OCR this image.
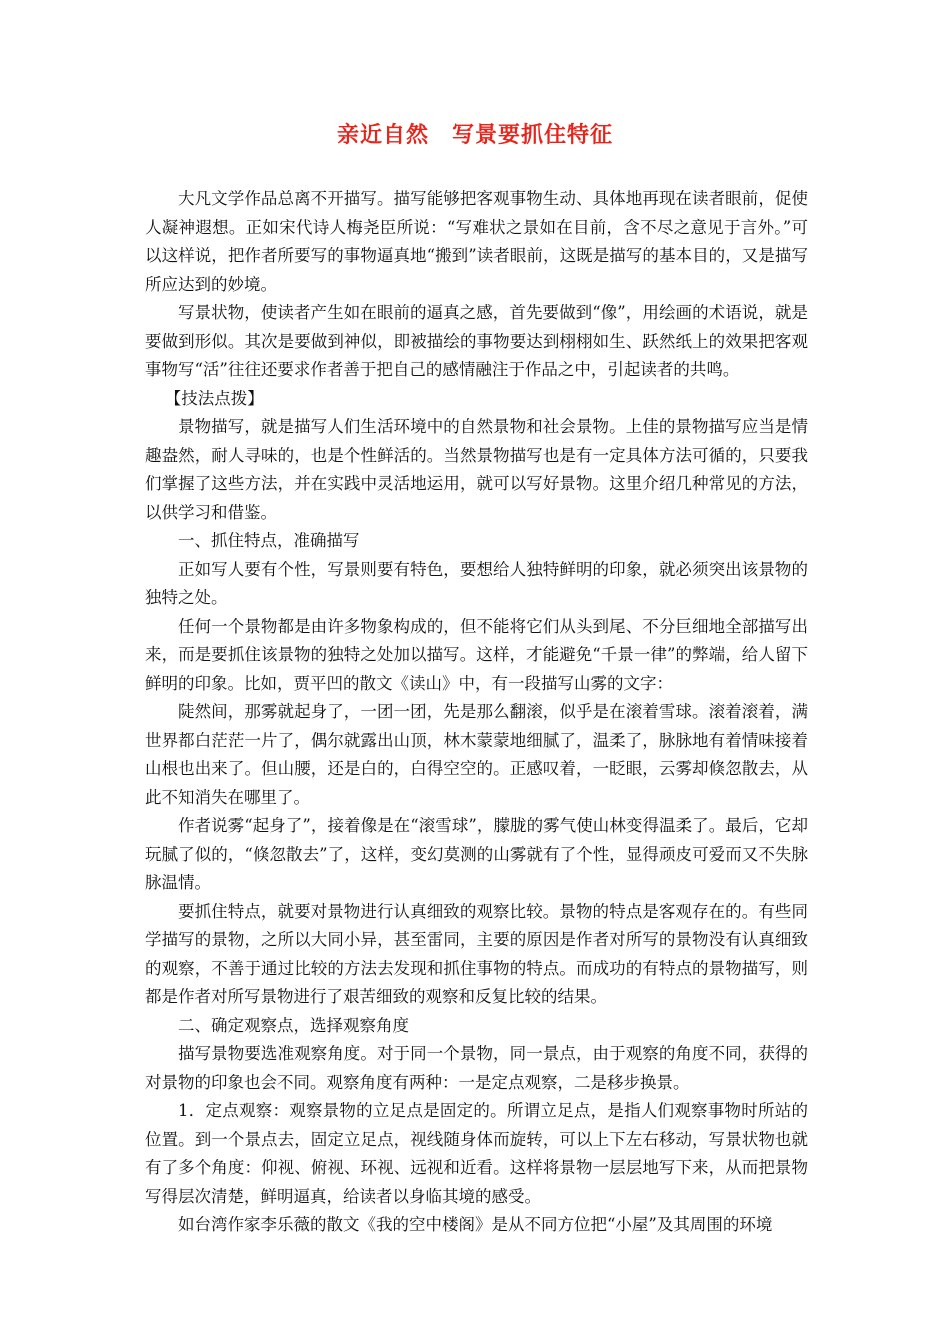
亲近自然　写景要抓住特征

大凡文学作品总离不开描写。描写能够把客观事物生动、具体地再现在读者眼前，促使人凝神遐想。正如宋代诗人梅尧臣所说：“写难状之景如在目前，含不尽之意见于言外。”可以这样说，把作者所要写的事物逼真地“搬到”读者眼前，这既是描写的基本目的，又是描写所应达到的妙境。

写景状物，使读者产生如在眼前的逼真之感，首先要做到“像”，用绘画的术语说，就是要做到形似。其次是要做到神似，即被描绘的事物要达到栩栩如生、跃然纸上的效果把客观事物写“活”往往还要求作者善于把自己的感情融注于作品之中，引起读者的共鸣。

【技法点拨】

景物描写，就是描写人们生活环境中的自然景物和社会景物。上佳的景物描写应当是情趣盎然，耐人寻味的，也是个性鲜活的。当然景物描写也是有一定具体方法可循的，只要我们掌握了这些方法，并在实践中灵活地运用，就可以写好景物。这里介绍几种常见的方法，以供学习和借鉴。

一、抓住特点，准确描写

正如写人要有个性，写景则要有特色，要想给人独特鲜明的印象，就必须突出该景物的独特之处。

任何一个景物都是由许多物象构成的，但不能将它们从头到尾、不分巨细地全部描写出来，而是要抓住该景物的独特之处加以描写。这样，才能避免“千景一律”的弊端，给人留下鲜明的印象。比如，贾平凹的散文《读山》中，有一段描写山雾的文字：

陡然间，那雾就起身了，一团一团，先是那么翻滚，似乎是在滚着雪球。滚着滚着，满世界都白茫茫一片了，偶尔就露出山顶，林木蒙蒙地细腻了，温柔了，脉脉地有着情味接着山根也出来了。但山腰，还是白的，白得空空的。正感叹着，一眨眼，云雾却倏忽散去，从此不知消失在哪里了。

作者说雾“起身了”，接着像是在“滚雪球”，朦胧的雾气使山林变得温柔了。最后，它却玩腻了似的，“倏忽散去”了，这样，变幻莫测的山雾就有了个性，显得顽皮可爱而又不失脉脉温情。

要抓住特点，就要对景物进行认真细致的观察比较。景物的特点是客观存在的。有些同学描写的景物，之所以大同小异，甚至雷同，主要的原因是作者对所写的景物没有认真细致的观察，不善于通过比较的方法去发现和抓住事物的特点。而成功的有特点的景物描写，则都是作者对所写景物进行了艰苦细致的观察和反复比较的结果。

二、确定观察点，选择观察角度

描写景物要选准观察角度。对于同一个景物，同一景点，由于观察的角度不同，获得的对景物的印象也会不同。观察角度有两种：一是定点观察，二是移步换景。

1．定点观察：观察景物的立足点是固定的。所谓立足点，是指人们观察事物时所站的位置。到一个景点去，固定立足点，视线随身体而旋转，可以上下左右移动，写景状物也就有了多个角度：仰视、俯视、环视、远视和近看。这样将景物一层层地写下来，从而把景物写得层次清楚，鲜明逼真，给读者以身临其境的感受。

如台湾作家李乐薇的散文《我的空中楼阁》是从不同方位把“小屋”及其周围的环境
